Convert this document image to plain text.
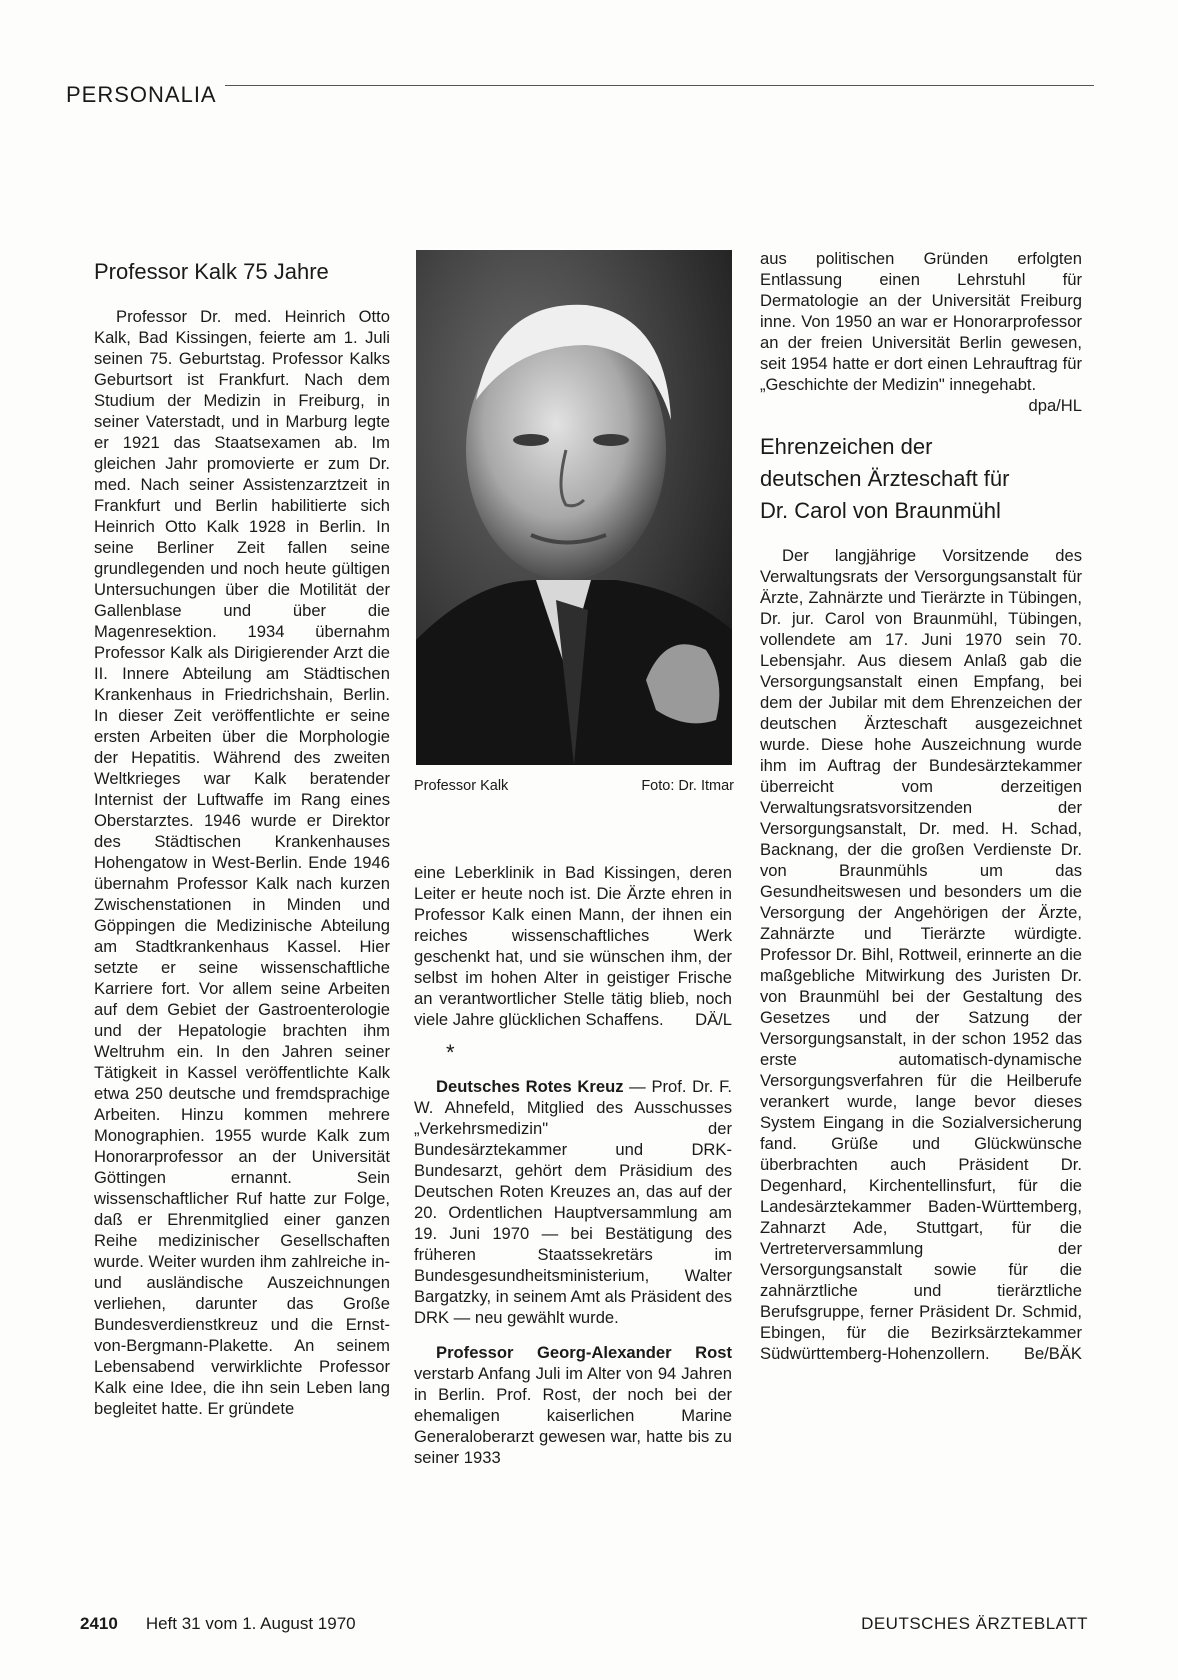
PERSONALIA
Professor Kalk 75 Jahre

Professor Dr. med. Heinrich Otto Kalk, Bad Kissingen, feierte am 1. Juli seinen 75. Geburtstag. Professor Kalks Geburtsort ist Frankfurt. Nach dem Studium der Medizin in Freiburg, in seiner Vaterstadt, und in Marburg legte er 1921 das Staatsexamen ab. Im gleichen Jahr promovierte er zum Dr. med. Nach seiner Assistenzarztzeit in Frankfurt und Berlin habilitierte sich Heinrich Otto Kalk 1928 in Berlin. In seine Berliner Zeit fallen seine grundlegenden und noch heute gültigen Untersuchungen über die Motilität der Gallenblase und über die Magenresektion. 1934 übernahm Professor Kalk als Dirigierender Arzt die II. Innere Abteilung am Städtischen Krankenhaus in Friedrichshain, Berlin. In dieser Zeit veröffentlichte er seine ersten Arbeiten über die Morphologie der Hepatitis. Während des zweiten Weltkrieges war Kalk beratender Internist der Luftwaffe im Rang eines Oberstarztes. 1946 wurde er Direktor des Städtischen Krankenhauses Hohengatow in West-Berlin. Ende 1946 übernahm Professor Kalk nach kurzen Zwischenstationen in Minden und Göppingen die Medizinische Abteilung am Stadtkrankenhaus Kassel. Hier setzte er seine wissenschaftliche Karriere fort. Vor allem seine Arbeiten auf dem Gebiet der Gastroenterologie und der Hepatologie brachten ihm Weltruhm ein. In den Jahren seiner Tätigkeit in Kassel veröffentlichte Kalk etwa 250 deutsche und fremdsprachige Arbeiten. Hinzu kommen mehrere Monographien. 1955 wurde Kalk zum Honorarprofessor an der Universität Göttingen ernannt. Sein wissenschaftlicher Ruf hatte zur Folge, daß er Ehrenmitglied einer ganzen Reihe medizinischer Gesellschaften wurde. Weiter wurden ihm zahlreiche in- und ausländische Auszeichnungen verliehen, darunter das Große Bundesverdienstkreuz und die Ernst-von-Bergmann-Plakette. An seinem Lebensabend verwirklichte Professor Kalk eine Idee, die ihn sein Leben lang begleitet hatte. Er gründete

Professor Kalk	Foto: Dr. Itmar

eine Leberklinik in Bad Kissingen, deren Leiter er heute noch ist. Die Ärzte ehren in Professor Kalk einen Mann, der ihnen ein reiches wissenschaftliches Werk geschenkt hat, und sie wünschen ihm, der selbst im hohen Alter in geistiger Frische an verantwortlicher Stelle tätig blieb, noch viele Jahre glücklichen Schaffens. DÄ/L

*

Deutsches Rotes Kreuz — Prof. Dr. F. W. Ahnefeld, Mitglied des Ausschusses „Verkehrsmedizin" der Bundesärztekammer und DRK-Bundesarzt, gehört dem Präsidium des Deutschen Roten Kreuzes an, das auf der 20. Ordentlichen Hauptversammlung am 19. Juni 1970 — bei Bestätigung des früheren Staatssekretärs im Bundesgesundheitsministerium, Walter Bargatzky, in seinem Amt als Präsident des DRK — neu gewählt wurde.

Professor Georg-Alexander Rost verstarb Anfang Juli im Alter von 94 Jahren in Berlin. Prof. Rost, der noch bei der ehemaligen kaiserlichen Marine Generaloberarzt gewesen war, hatte bis zu seiner 1933

aus politischen Gründen erfolgten Entlassung einen Lehrstuhl für Dermatologie an der Universität Freiburg inne. Von 1950 an war er Honorarprofessor an der freien Universität Berlin gewesen, seit 1954 hatte er dort einen Lehrauftrag für „Geschichte der Medizin" innegehabt.
dpa/HL

Ehrenzeichen der
deutschen Ärzteschaft für
Dr. Carol von Braunmühl

Der langjährige Vorsitzende des Verwaltungsrats der Versorgungsanstalt für Ärzte, Zahnärzte und Tierärzte in Tübingen, Dr. jur. Carol von Braunmühl, Tübingen, vollendete am 17. Juni 1970 sein 70. Lebensjahr. Aus diesem Anlaß gab die Versorgungsanstalt einen Empfang, bei dem der Jubilar mit dem Ehrenzeichen der deutschen Ärzteschaft ausgezeichnet wurde. Diese hohe Auszeichnung wurde ihm im Auftrag der Bundesärztekammer überreicht vom derzeitigen Verwaltungsratsvorsitzenden der Versorgungsanstalt, Dr. med. H. Schad, Backnang, der die großen Verdienste Dr. von Braunmühls um das Gesundheitswesen und besonders um die Versorgung der Angehörigen der Ärzte, Zahnärzte und Tierärzte würdigte. Professor Dr. Bihl, Rottweil, erinnerte an die maßgebliche Mitwirkung des Juristen Dr. von Braunmühl bei der Gestaltung des Gesetzes und der Satzung der Versorgungsanstalt, in der schon 1952 das erste automatisch-dynamische Versorgungsverfahren für die Heilberufe verankert wurde, lange bevor dieses System Eingang in die Sozialversicherung fand. Grüße und Glückwünsche überbrachten auch Präsident Dr. Degenhard, Kirchentellinsfurt, für die Landesärztekammer Baden-Württemberg, Zahnarzt Ade, Stuttgart, für die Vertreterversammlung der Versorgungsanstalt sowie für die zahnärztliche und tierärztliche Berufsgruppe, ferner Präsident Dr. Schmid, Ebingen, für die Bezirksärztekammer Südwürttemberg-Hohenzollern.	Be/BÄK

2410 Heft 31 vom 1. August 1970	DEUTSCHES ÄRZTEBLATT
